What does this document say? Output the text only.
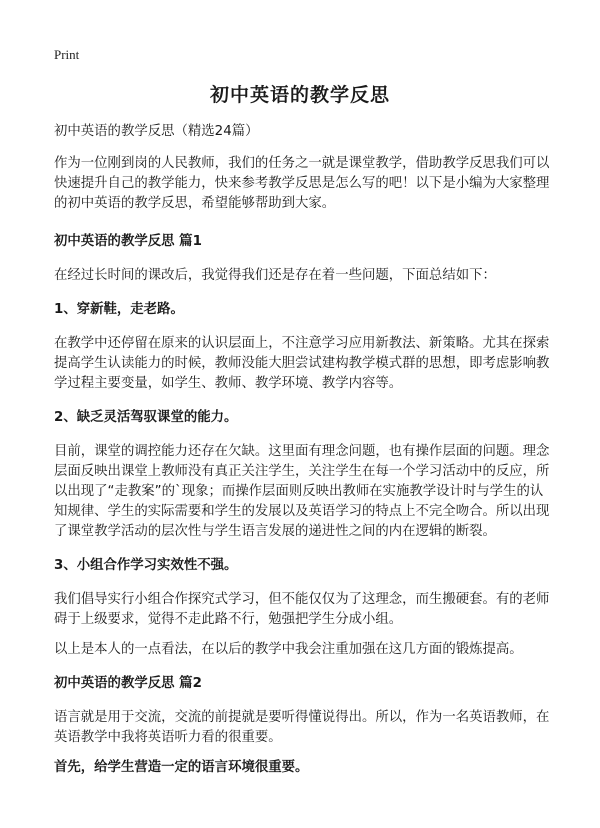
Print
初中英语的教学反思

初中英语的教学反思（精选24篇）

作为一位刚到岗的人民教师，我们的任务之一就是课堂教学，借助教学反思我们可以快速提升自己的教学能力，快来参考教学反思是怎么写的吧！以下是小编为大家整理的初中英语的教学反思，希望能够帮助到大家。

初中英语的教学反思 篇1

在经过长时间的课改后，我觉得我们还是存在着一些问题，下面总结如下：

1、穿新鞋，走老路。

在教学中还停留在原来的认识层面上，不注意学习应用新教法、新策略。尤其在探索提高学生认读能力的时候，教师没能大胆尝试建构教学模式群的思想，即考虑影响教学过程主要变量，如学生、教师、教学环境、教学内容等。

2、缺乏灵活驾驭课堂的能力。

目前，课堂的调控能力还存在欠缺。这里面有理念问题，也有操作层面的问题。理念层面反映出课堂上教师没有真正关注学生，关注学生在每一个学习活动中的反应，所以出现了“走教案”的`现象；而操作层面则反映出教师在实施教学设计时与学生的认知规律、学生的实际需要和学生的发展以及英语学习的特点上不完全吻合。所以出现了课堂教学活动的层次性与学生语言发展的递进性之间的内在逻辑的断裂。

3、小组合作学习实效性不强。

我们倡导实行小组合作探究式学习，但不能仅仅为了这理念，而生搬硬套。有的老师碍于上级要求，觉得不走此路不行，勉强把学生分成小组。

以上是本人的一点看法，在以后的教学中我会注重加强在这几方面的锻炼提高。

初中英语的教学反思 篇2

语言就是用于交流，交流的前提就是要听得懂说得出。所以，作为一名英语教师，在英语教学中我将英语听力看的很重要。

首先，给学生营造一定的语言环境很重要。
